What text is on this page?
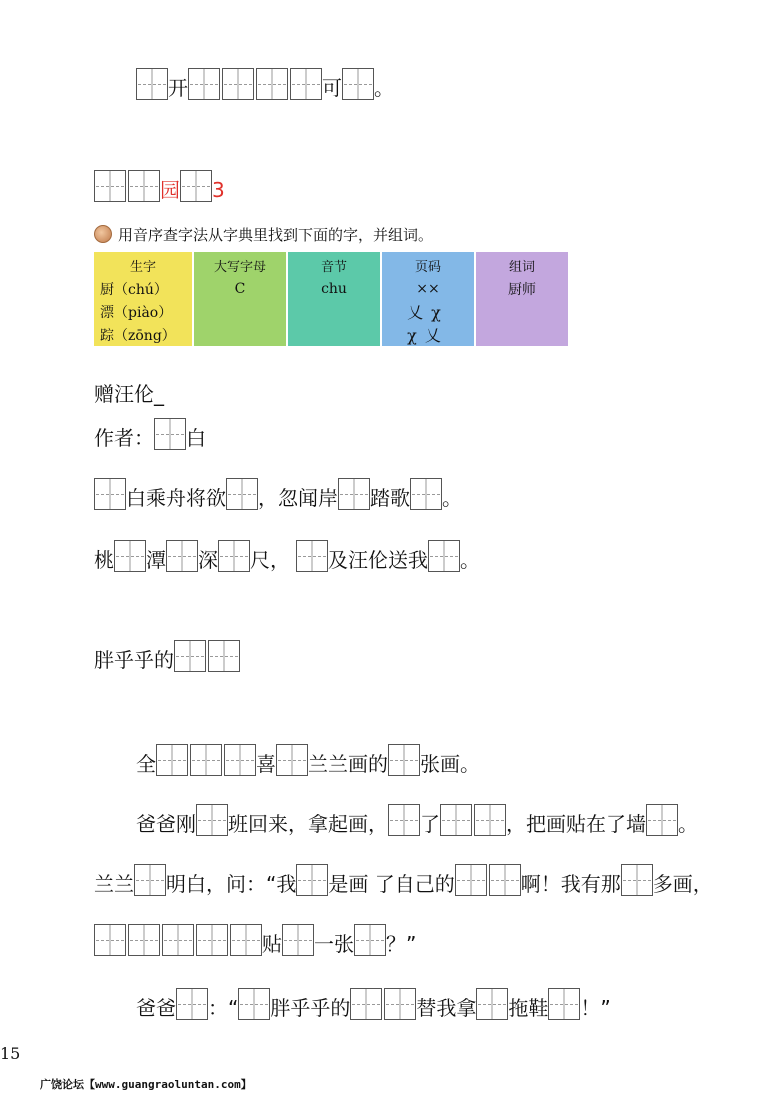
开	可 。
园 3
用音序查字法从字典里找到下面的字，并组词。
生字	大写字母	音节	页码	组词
厨（chú）	C	chu	××	厨师
漂（piào）			乂χ	
踪（zōng）			χ乂	
赠汪伦_
作者： 白
白乘舟将欲 ，忽闻岸 踏歌 。
桃 潭 深 尺， 及汪伦送我 。
胖乎乎的
全	喜 兰兰画的 张画。
爸爸刚 班回来，拿起画， 了	，把画贴在了墙 。
兰兰 明白，问：“我 是画 了自己的	啊！我有那 多画，
贴 一张 ？”
爸爸 ：“ 胖乎乎的	替我拿 拖鞋 ！”
15
广饶论坛【www.guangraoluntan.com】
